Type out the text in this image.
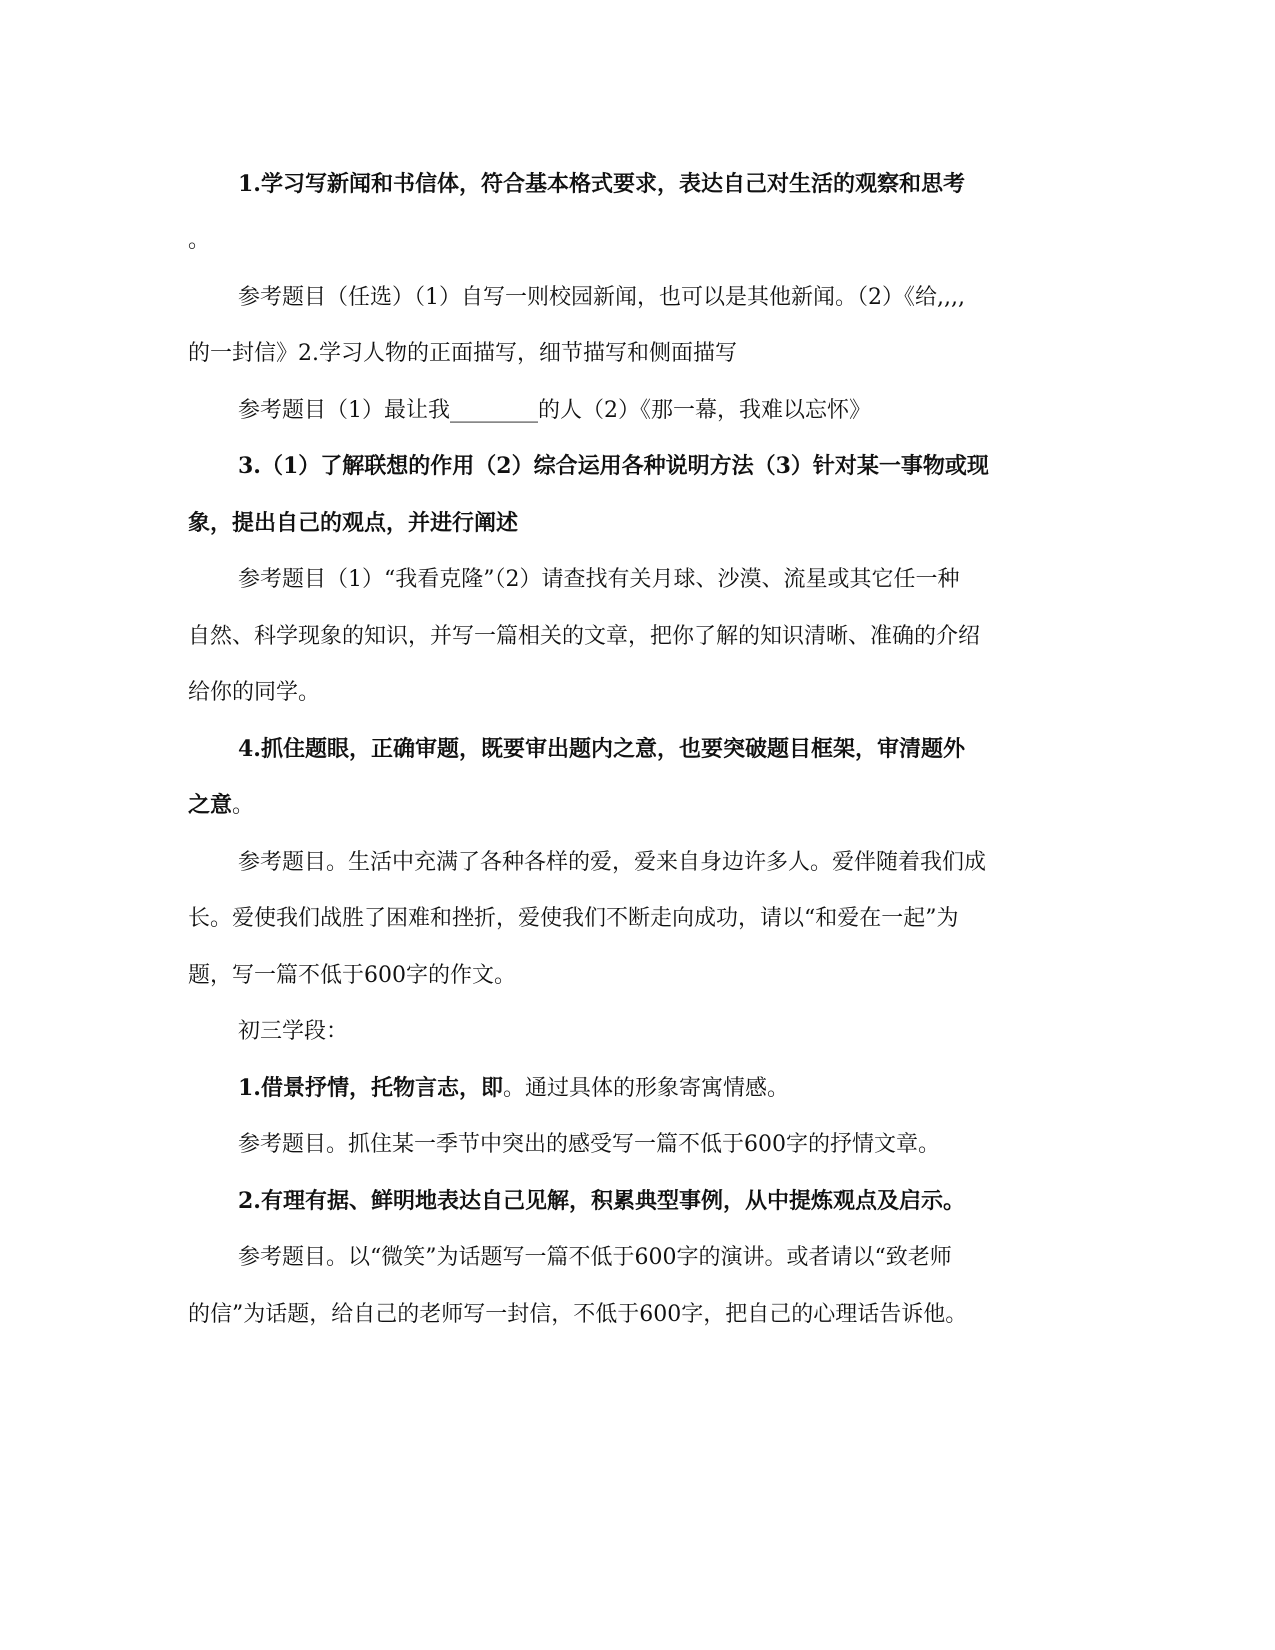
1.学习写新闻和书信体，符合基本格式要求，表达自己对生活的观察和思考
。
参考题目（任选）（1）自写一则校园新闻，也可以是其他新闻。（2）《给,,,,
的一封信》2.学习人物的正面描写，细节描写和侧面描写
参考题目（1）最让我________的人（2）《那一幕，我难以忘怀》
3.（1）了解联想的作用（2）综合运用各种说明方法（3）针对某一事物或现
象，提出自己的观点，并进行阐述
参考题目（1）“我看克隆”（2）请查找有关月球、沙漠、流星或其它任一种
自然、科学现象的知识，并写一篇相关的文章，把你了解的知识清晰、准确的介绍
给你的同学。
4.抓住题眼，正确审题，既要审出题内之意，也要突破题目框架，审清题外
之意。
参考题目。生活中充满了各种各样的爱，爱来自身边许多人。爱伴随着我们成
长。爱使我们战胜了困难和挫折，爱使我们不断走向成功，请以“和爱在一起”为
题，写一篇不低于600字的作文。
初三学段：
1.借景抒情，托物言志，即。通过具体的形象寄寓情感。
参考题目。抓住某一季节中突出的感受写一篇不低于600字的抒情文章。
2.有理有据、鲜明地表达自己见解，积累典型事例，从中提炼观点及启示。
参考题目。以“微笑”为话题写一篇不低于600字的演讲。或者请以“致老师
的信”为话题，给自己的老师写一封信，不低于600字，把自己的心理话告诉他。
